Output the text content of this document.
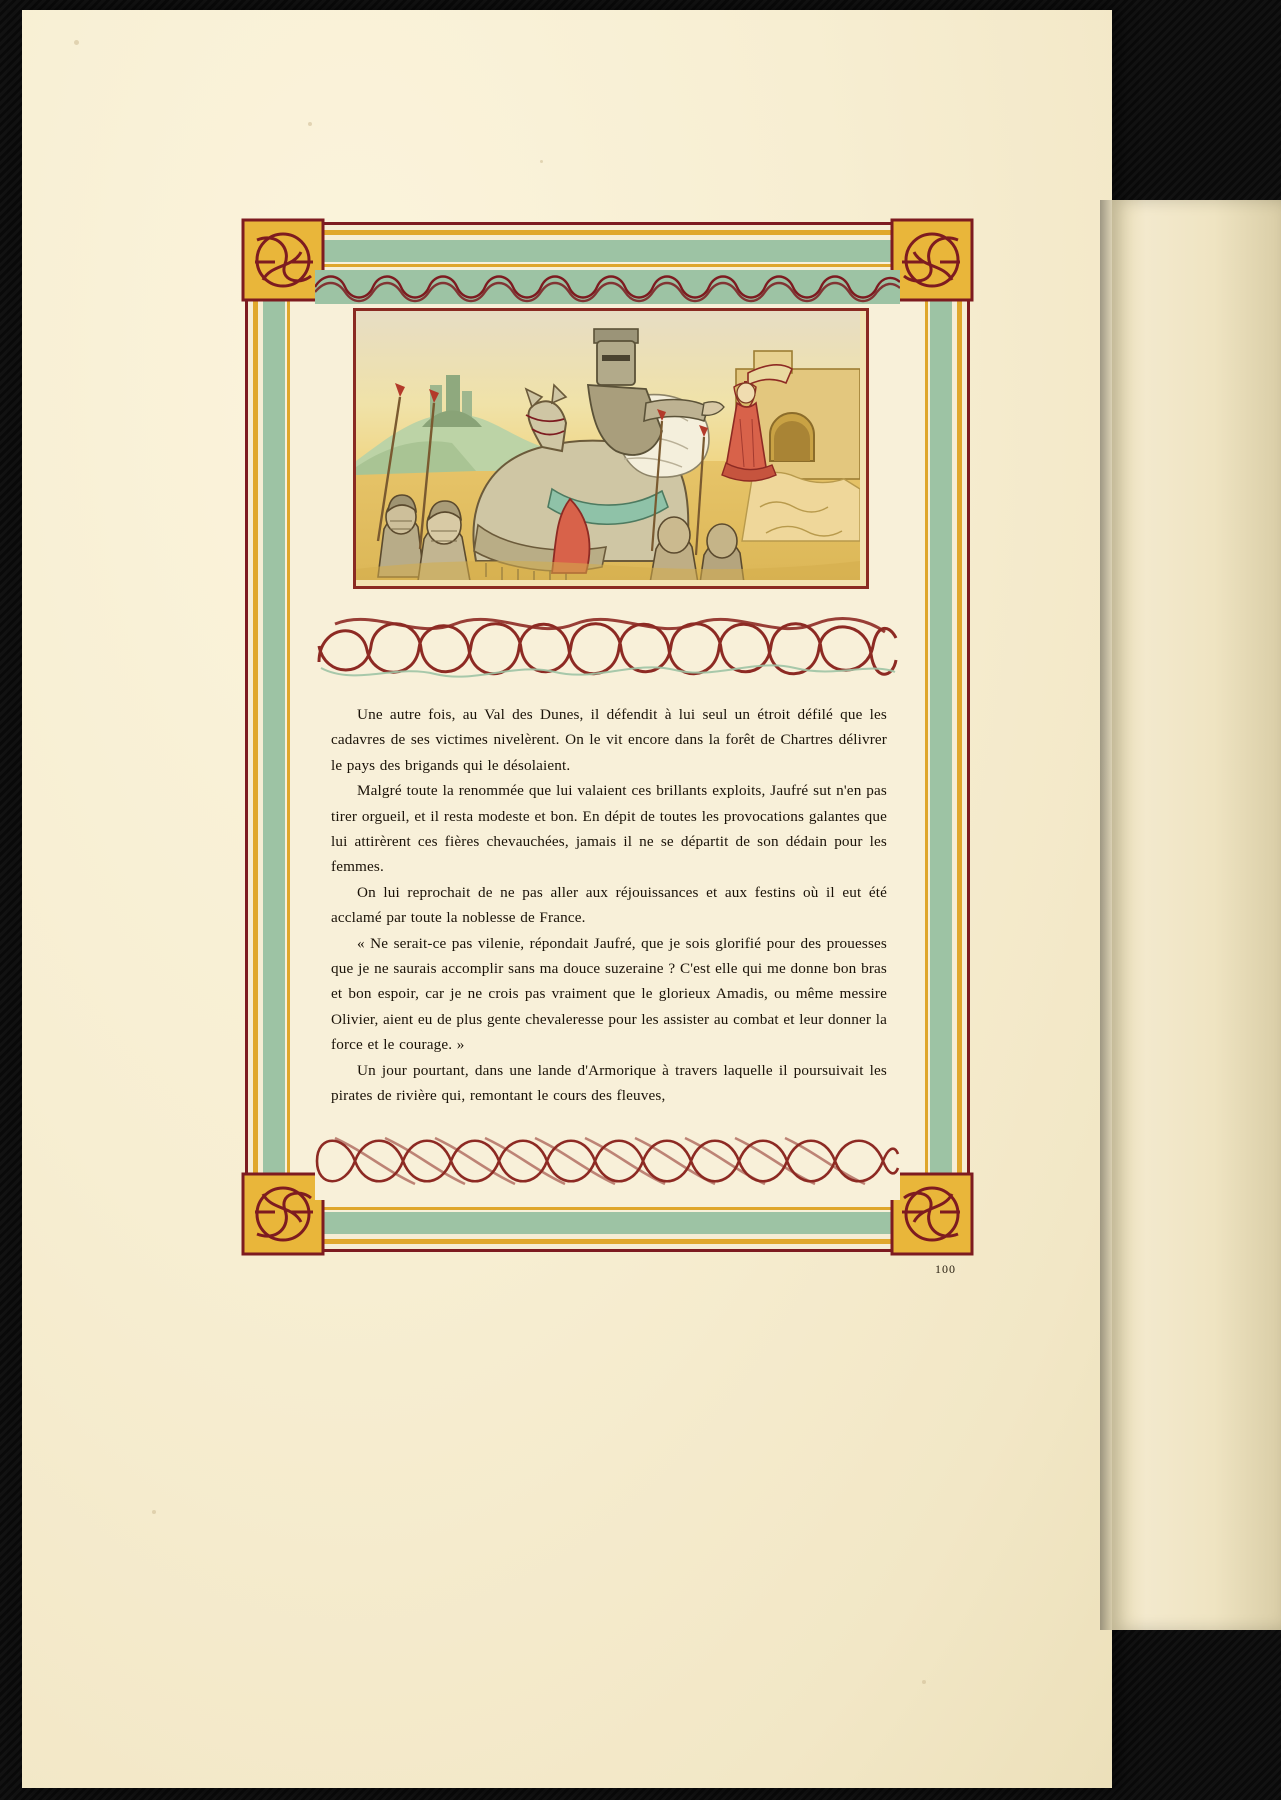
100

Une autre fois, au Val des Dunes, il défendit à lui seul un étroit défilé que les cadavres de ses victimes nivelèrent. On le vit encore dans la forêt de Chartres délivrer le pays des brigands qui le désolaient.

Malgré toute la renommée que lui valaient ces brillants exploits, Jaufré sut n'en pas tirer orgueil, et il resta modeste et bon. En dépit de toutes les provocations galantes que lui attirèrent ces fières chevauchées, jamais il ne se départit de son dédain pour les femmes.

On lui reprochait de ne pas aller aux réjouissances et aux festins où il eut été acclamé par toute la noblesse de France.

« Ne serait-ce pas vilenie, répondait Jaufré, que je sois glorifié pour des prouesses que je ne saurais accomplir sans ma douce suzeraine ? C'est elle qui me donne bon bras et bon espoir, car je ne crois pas vraiment que le glorieux Amadis, ou même messire Olivier, aient eu de plus gente chevaleresse pour les assister au combat et leur donner la force et le courage. »

Un jour pourtant, dans une lande d'Armorique à travers laquelle il poursuivait les pirates de rivière qui, remontant le cours des fleuves,
